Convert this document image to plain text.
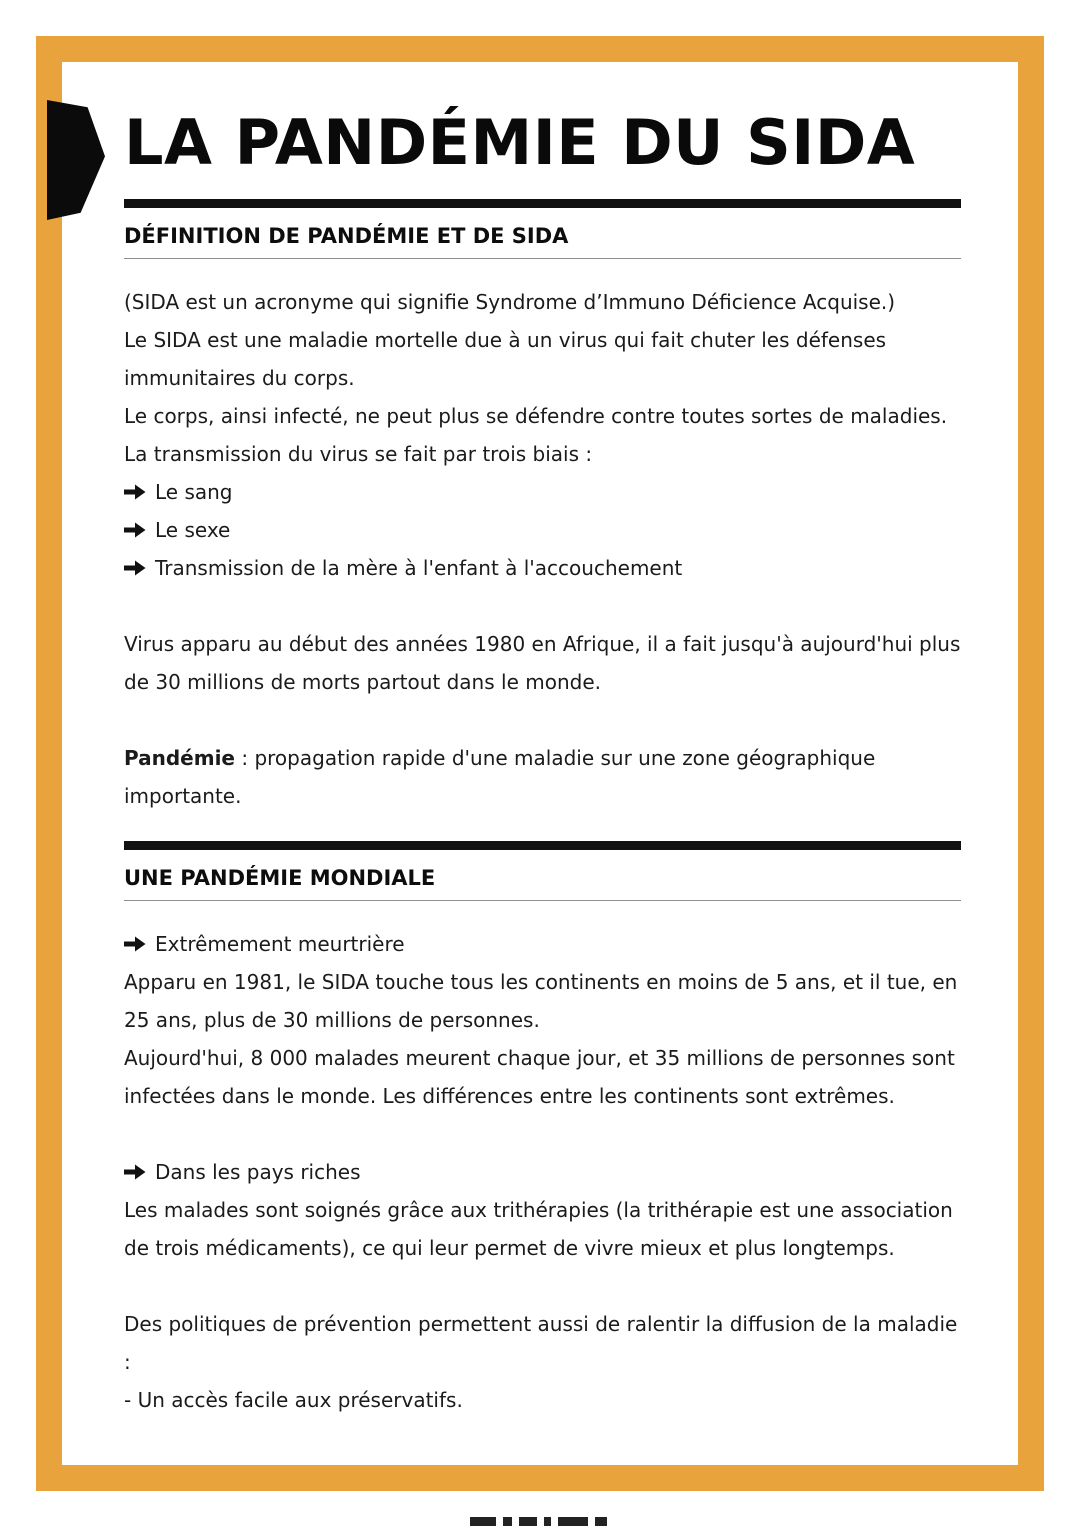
LA PANDÉMIE DU SIDA
DÉFINITION DE PANDÉMIE ET DE SIDA

(SIDA est un acronyme qui signifie Syndrome d’Immuno Déficience Acquise.)

Le SIDA est une maladie mortelle due à un virus qui fait chuter les défenses immunitaires du corps.

Le corps, ainsi infecté, ne peut plus se défendre contre toutes sortes de maladies.

La transmission du virus se fait par trois biais :

Le sang
Le sexe
Transmission de la mère à l'enfant à l'accouchement

Virus apparu au début des années 1980 en Afrique, il a fait jusqu'à aujourd'hui plus de 30 millions de morts partout dans le monde.

Pandémie : propagation rapide d'une maladie sur une zone géographique importante.

UNE PANDÉMIE MONDIALE
Extrêmement meurtrière

Apparu en 1981, le SIDA touche tous les continents en moins de 5 ans, et il tue, en 25 ans, plus de 30 millions de personnes.

Aujourd'hui, 8 000 malades meurent chaque jour, et 35 millions de personnes sont infectées dans le monde. Les différences entre les continents sont extrêmes.

Dans les pays riches

Les malades sont soignés grâce aux trithérapies (la trithérapie est une association de trois médicaments), ce qui leur permet de vivre mieux et plus longtemps.

Des politiques de prévention permettent aussi de ralentir la diffusion de la maladie :

- Un accès facile aux préservatifs.
